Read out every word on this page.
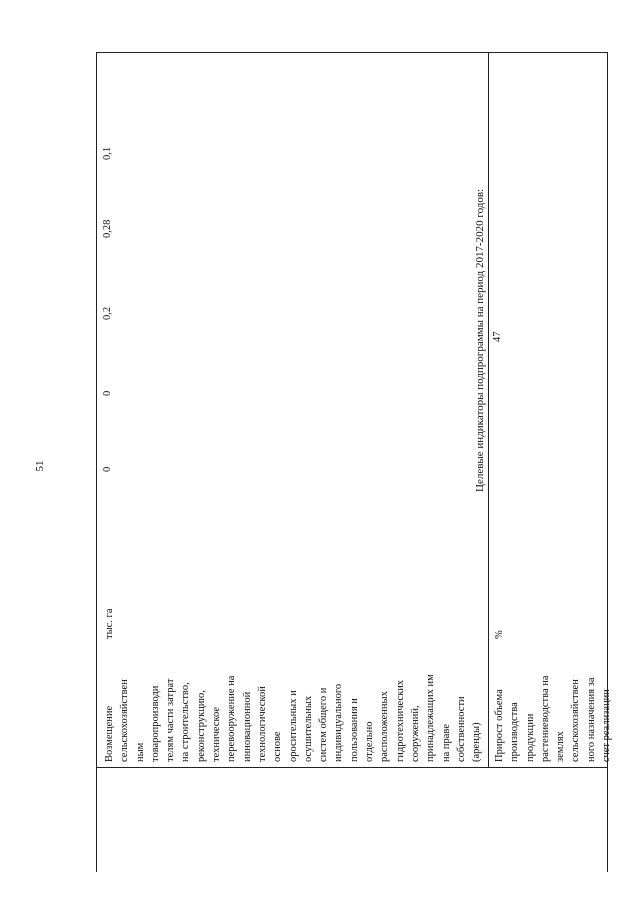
51
Возмещение
сельскохозяйствен
ным
товаропроизводи
телям части затрат
на строительство,
реконструкцию,
техническое
перевооружение на
инновационной
технологической
основе
оросительных и
осушительных
систем общего и
индивидуального
пользования и
отдельно
расположенных
гидротехнических
сооружений,
принадлежащих им
на праве
собственности
(аренды)
тыс. га
0
0
0,2
0,28
0,1
Целевые индикаторы подпрограммы на период 2017-2020 годов:
Прирост объема
производства
продукции
растениеводства на
землях
сельскохозяйствен
ного назначения за
счет реализации
%
47
